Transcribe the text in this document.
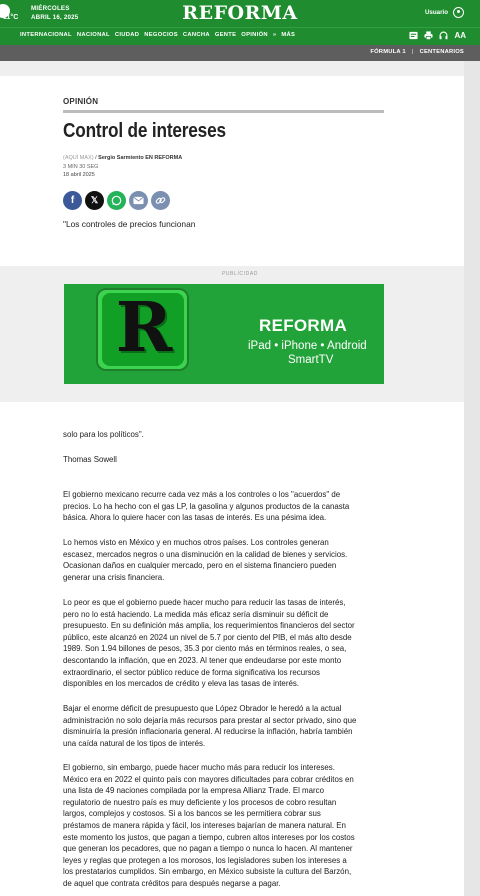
11°C
MIÉRCOLES
ABRIL 16, 2025	REFORMA	Usuario
INTERNACIONAL NACIONAL CIUDAD NEGOCIOS CANCHA GENTE OPINIÓN » MÁS	AA
FÓRMULA 1 | CENTENARIOS
OPINIÓN
Control de intereses
(AQUÍ MAX) / Sergio Sarmiento EN REFORMA
3 MIN 30 SEG
18 abril 2025
f 𝕏
"Los controles de precios funcionan
PUBLICIDAD
R	REFORMA
iPad • iPhone • Android
SmartTV
solo para los políticos".
Thomas Sowell
El gobierno mexicano recurre cada vez más a los controles o los "acuerdos" de
precios. Lo ha hecho con el gas LP, la gasolina y algunos productos de la canasta
básica. Ahora lo quiere hacer con las tasas de interés. Es una pésima idea.
Lo hemos visto en México y en muchos otros países. Los controles generan
escasez, mercados negros o una disminución en la calidad de bienes y servicios.
Ocasionan daños en cualquier mercado, pero en el sistema financiero pueden
generar una crisis financiera.
Lo peor es que el gobierno puede hacer mucho para reducir las tasas de interés,
pero no lo está haciendo. La medida más eficaz sería disminuir su déficit de
presupuesto. En su definición más amplia, los requerimientos financieros del sector
público, este alcanzó en 2024 un nivel de 5.7 por ciento del PIB, el más alto desde
1989. Son 1.94 billones de pesos, 35.3 por ciento más en términos reales, o sea,
descontando la inflación, que en 2023. Al tener que endeudarse por este monto
extraordinario, el sector público reduce de forma significativa los recursos
disponibles en los mercados de crédito y eleva las tasas de interés.
Bajar el enorme déficit de presupuesto que López Obrador le heredó a la actual
administración no solo dejaría más recursos para prestar al sector privado, sino que
disminuiría la presión inflacionaria general. Al reducirse la inflación, habría también
una caída natural de los tipos de interés.
El gobierno, sin embargo, puede hacer mucho más para reducir los intereses.
México era en 2022 el quinto país con mayores dificultades para cobrar créditos en
una lista de 49 naciones compilada por la empresa Allianz Trade. El marco
regulatorio de nuestro país es muy deficiente y los procesos de cobro resultan
largos, complejos y costosos. Si a los bancos se les permitiera cobrar sus
préstamos de manera rápida y fácil, los intereses bajarían de manera natural. En
este momento los justos, que pagan a tiempo, cubren altos intereses por los costos
que generan los pecadores, que no pagan a tiempo o nunca lo hacen. Al mantener
leyes y reglas que protegen a los morosos, los legisladores suben los intereses a
los prestatarios cumplidos. Sin embargo, en México subsiste la cultura del Barzón,
de aquel que contrata créditos para después negarse a pagar.
